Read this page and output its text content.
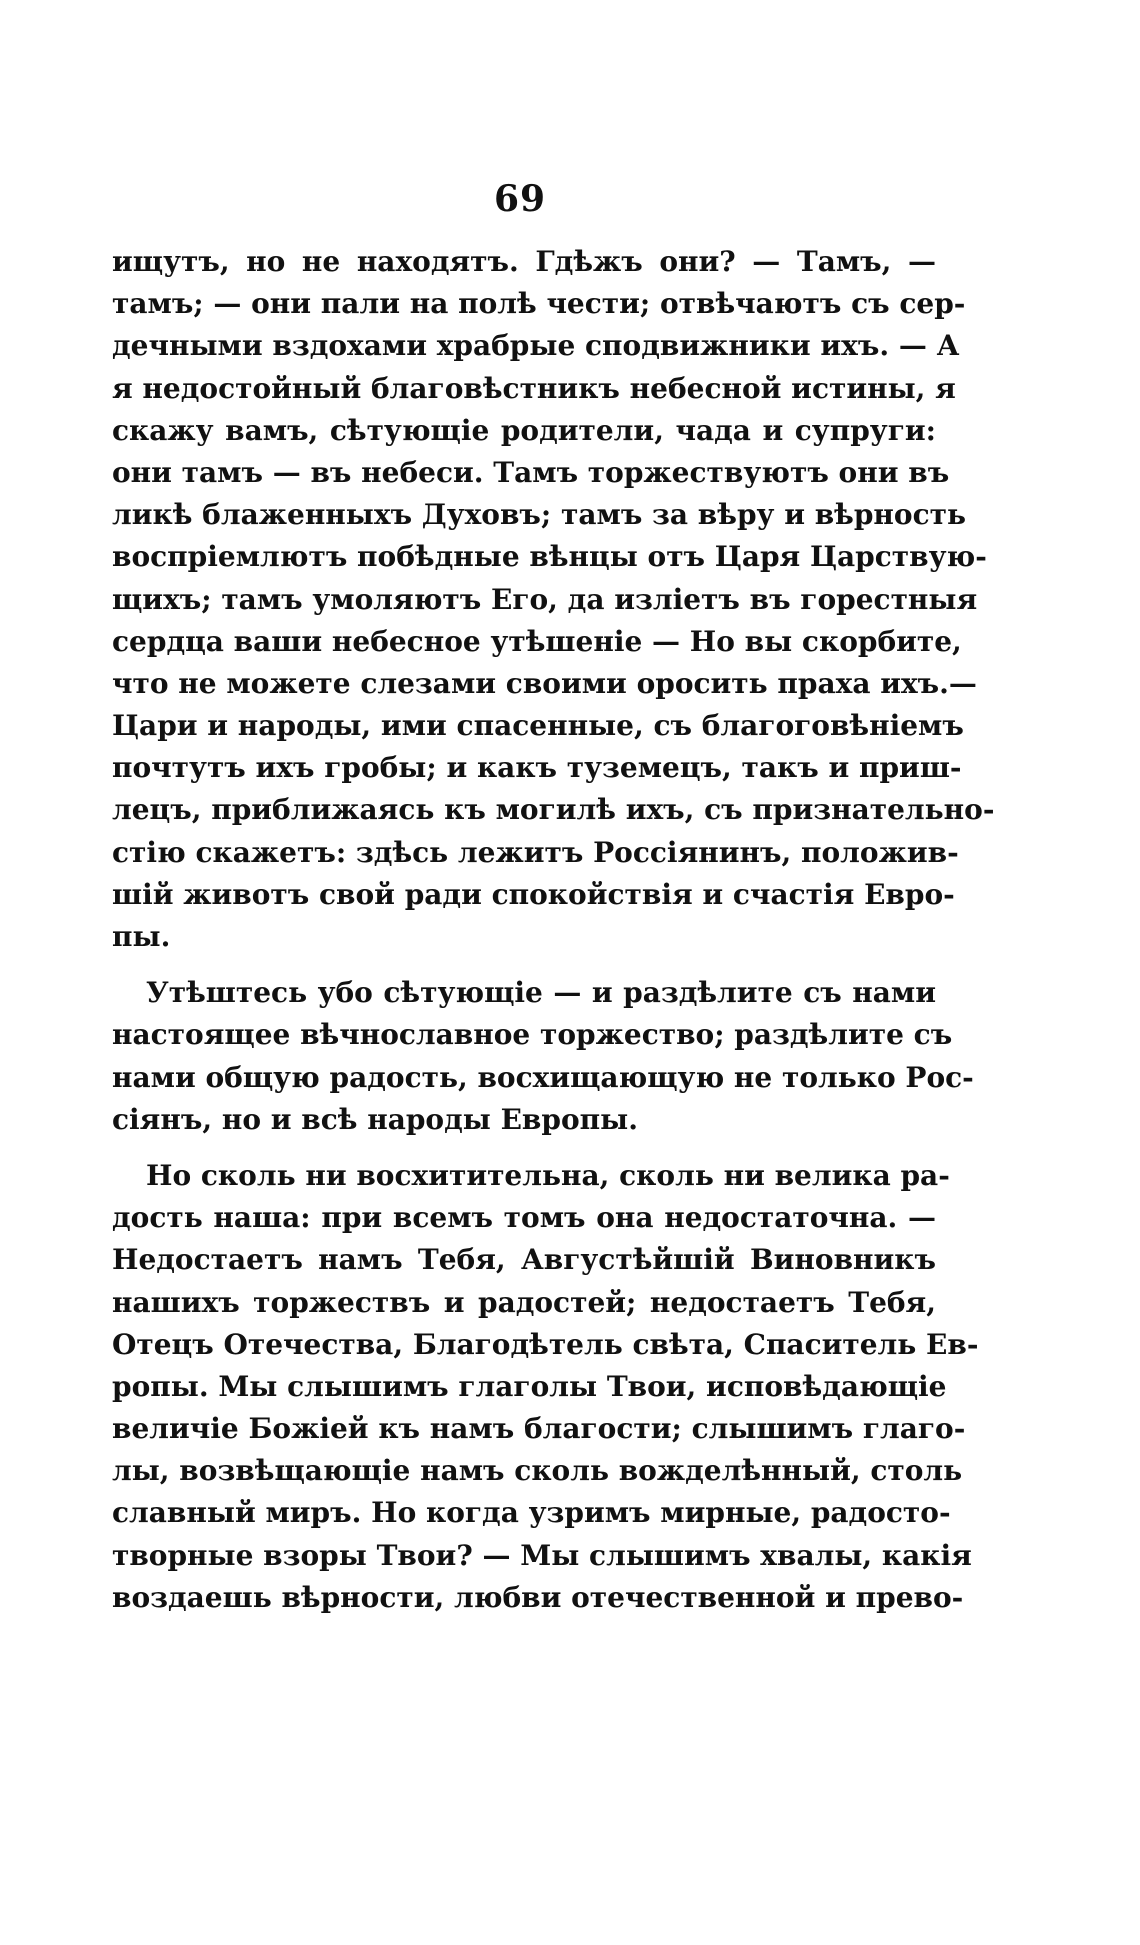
69
ищутъ, но не находятъ. Гдѣжъ они? — Тамъ, —
тамъ; — они пали на полѣ чести; отвѣчаютъ съ сер-
дечными вздохами храбрые сподвижники ихъ. — А
я недостойный благовѣстникъ небесной истины, я
скажу вамъ, сѣтующіе родители, чада и супруги:
они тамъ — въ небеси. Тамъ торжествуютъ они въ
ликѣ блаженныхъ Духовъ; тамъ за вѣру и вѣрность
воспріемлютъ побѣдные вѣнцы отъ Царя Царствую-
щихъ; тамъ умоляютъ Его, да изліетъ въ горестныя
сердца ваши небесное утѣшеніе — Но вы скорбите,
что не можете слезами своими оросить праха ихъ.—
Цари и народы, ими спасенные, съ благоговѣніемъ
почтутъ ихъ гробы; и какъ туземецъ, такъ и приш-
лецъ, приближаясь къ могилѣ ихъ, съ признательно-
стію скажетъ: здѣсь лежитъ Россіянинъ, положив-
шій животъ свой ради спокойствія и счастія Евро-
пы.
Утѣштесь убо сѣтующіе — и раздѣлите съ нами
настоящее вѣчнославное торжество; раздѣлите съ
нами общую радость, восхищающую не только Рос-
сіянъ, но и всѣ народы Европы.
Но сколь ни восхитительна, сколь ни велика ра-
дость наша: при всемъ томъ она недостаточна. —
Недостаетъ намъ Тебя, Августѣйшій Виновникъ
нашихъ торжествъ и радостей; недостаетъ Тебя,
Отецъ Отечества, Благодѣтель свѣта, Спаситель Ев-
ропы. Мы слышимъ глаголы Твои, исповѣдающіе
величіе Божіей къ намъ благости; слышимъ глаго-
лы, возвѣщающіе намъ сколь вожделѣнный, столь
славный миръ. Но когда узримъ мирные, радосто-
творные взоры Твои? — Мы слышимъ хвалы, какія
воздаешь вѣрности, любви отечественной и прево-
